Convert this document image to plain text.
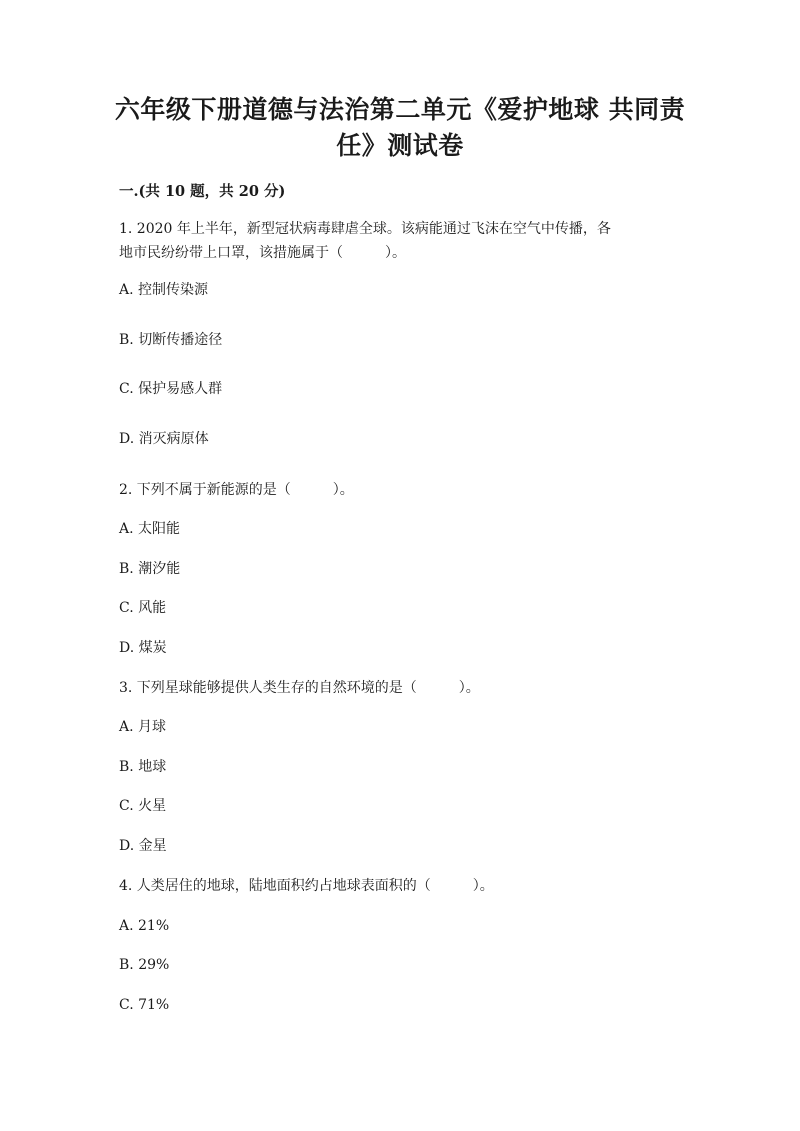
六年级下册道德与法治第二单元《爱护地球 共同责
任》测试卷
一.(共 10 题，共 20 分)
1. 2020 年上半年，新型冠状病毒肆虐全球。该病能通过飞沫在空气中传播，各
地市民纷纷带上口罩，该措施属于（　　　）。
A. 控制传染源
B. 切断传播途径
C. 保护易感人群
D. 消灭病原体
2. 下列不属于新能源的是（　　　）。
A. 太阳能
B. 潮汐能
C. 风能
D. 煤炭
3. 下列星球能够提供人类生存的自然环境的是（　　　）。
A. 月球
B. 地球
C. 火星
D. 金星
4. 人类居住的地球，陆地面积约占地球表面积的（　　　）。
A. 21%
B. 29%
C. 71%
